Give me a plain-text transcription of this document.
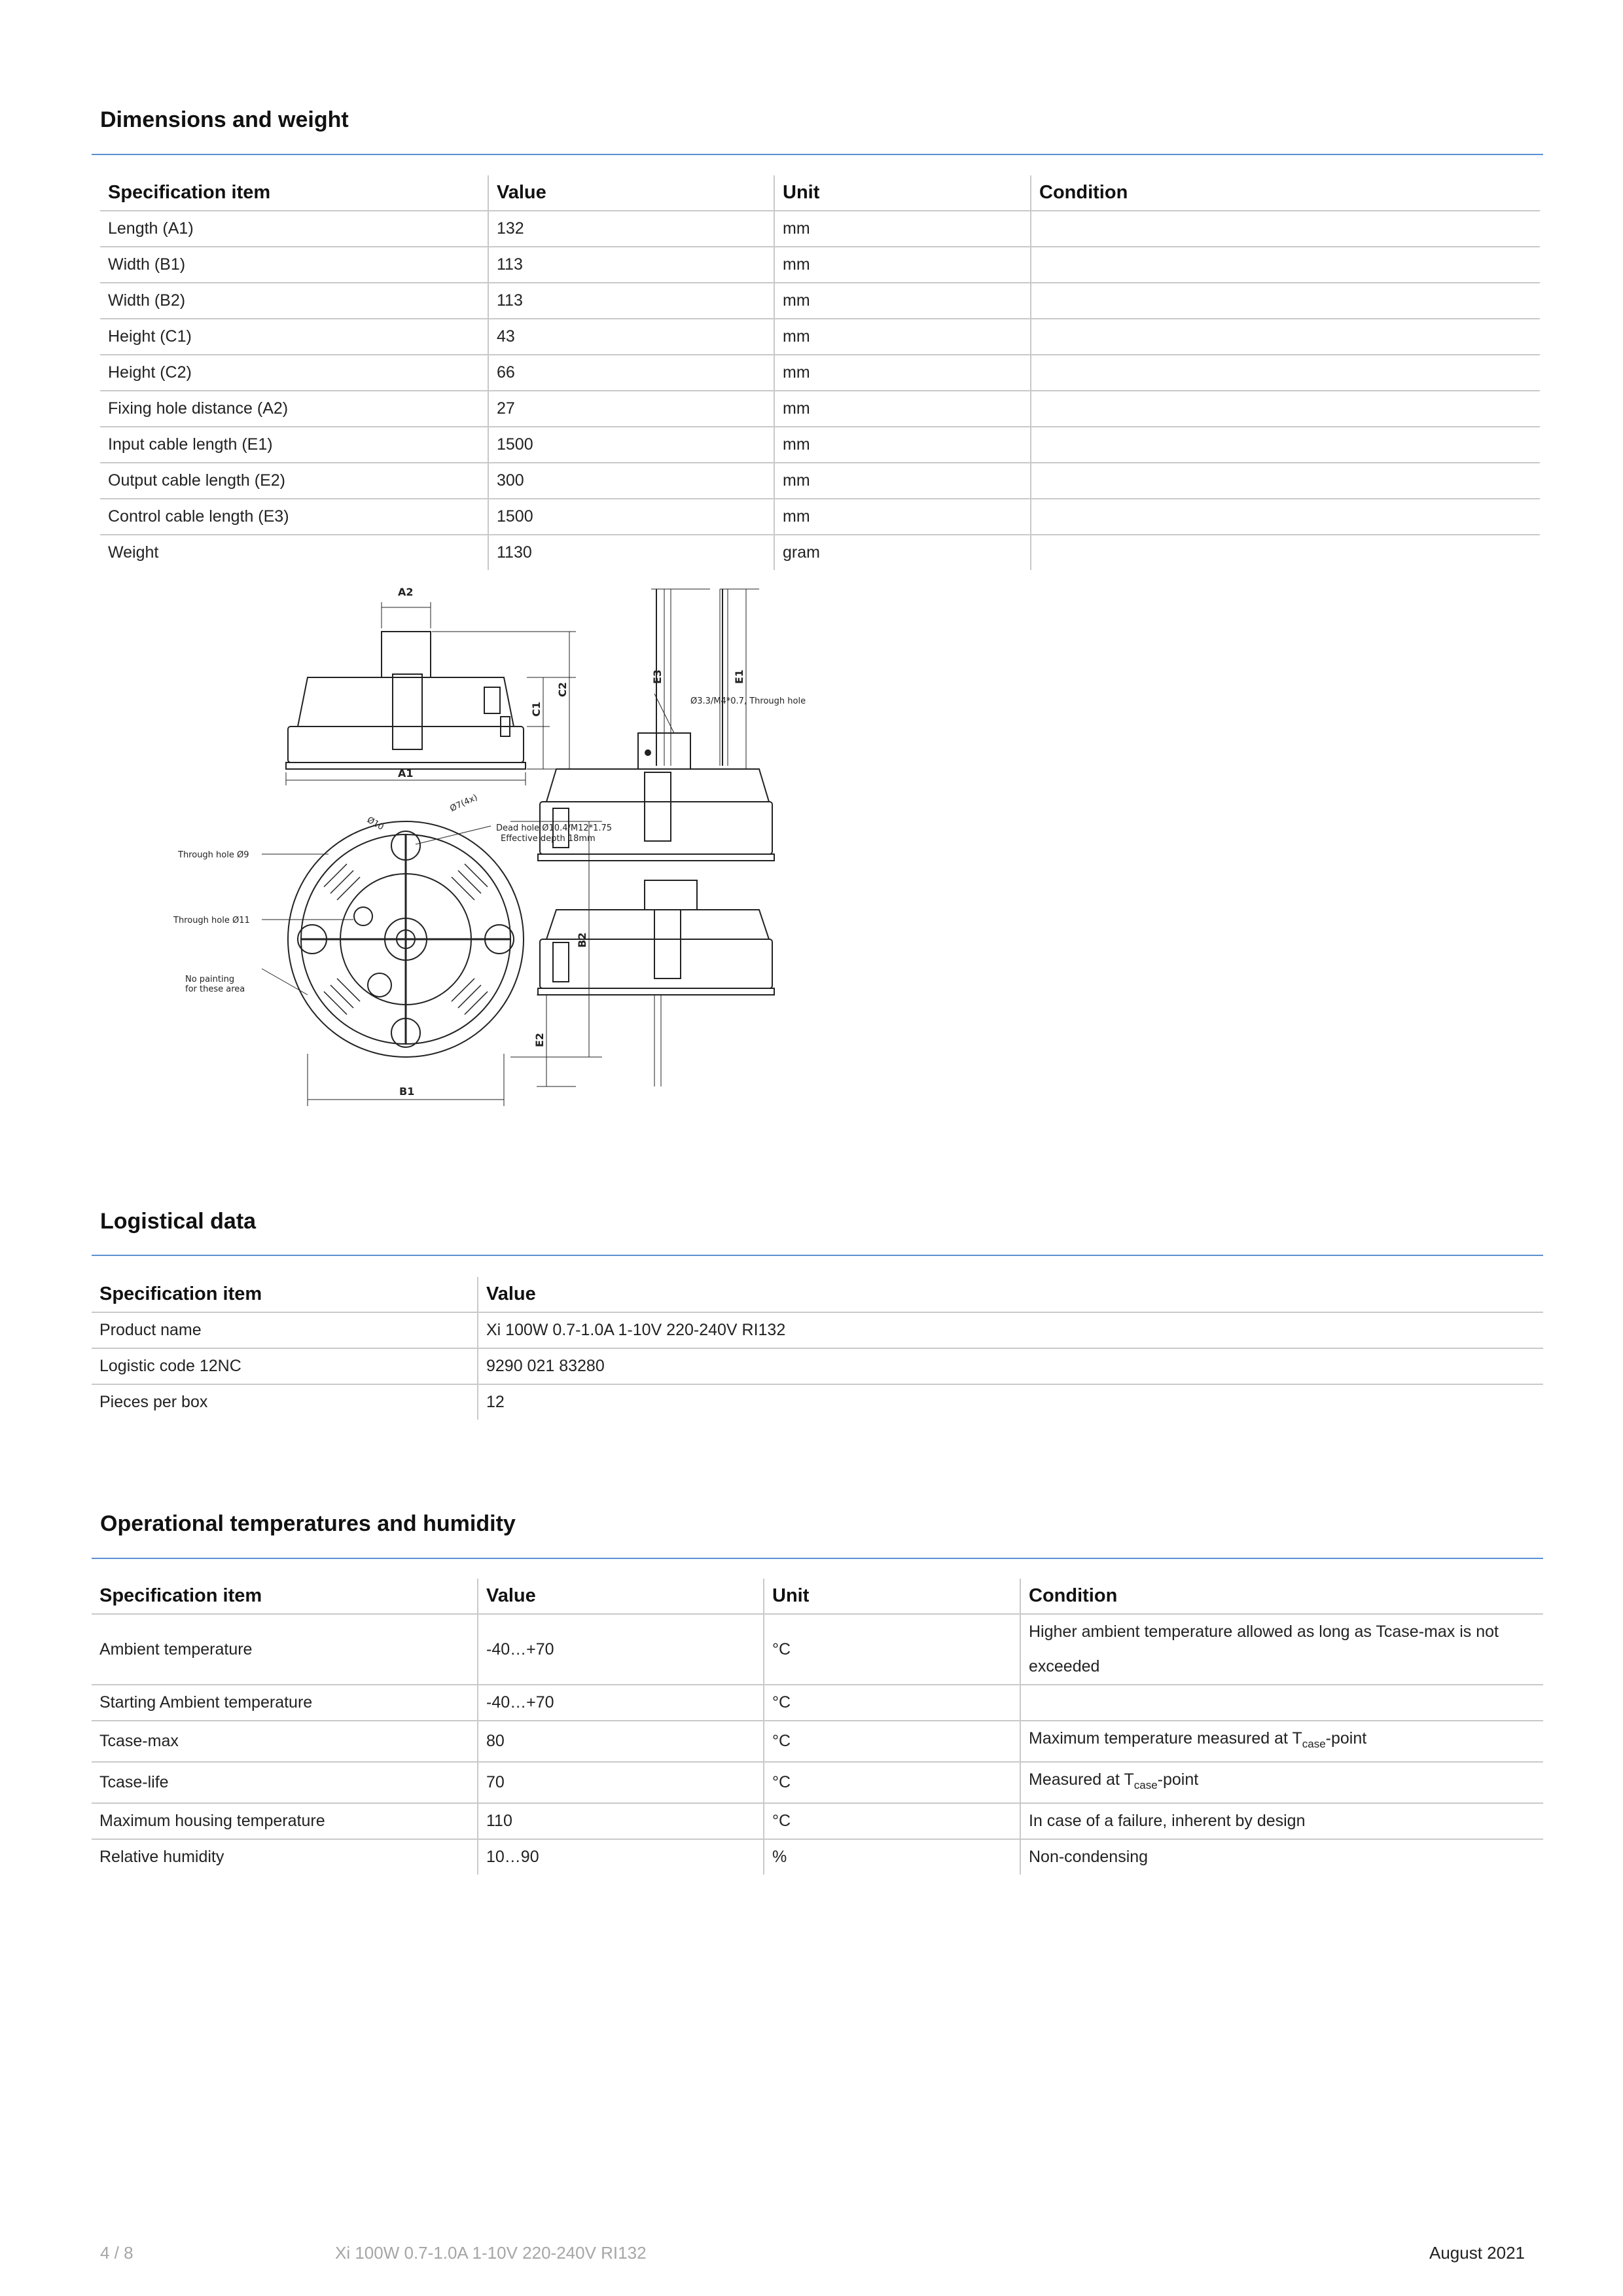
Dimensions and weight
Specification item	Value	Unit	Condition
Length (A1)	132	mm	
Width (B1)	113	mm	
Width (B2)	113	mm	
Height (C1)	43	mm	
Height (C2)	66	mm	
Fixing hole distance (A2)	27	mm	
Input cable length (E1)	1500	mm	
Output cable length (E2)	300	mm	
Control cable length (E3)	1500	mm	
Weight	1130	gram	
A2
A1
B1
B2
C1
C2
E1
E2
E3
Ø10
Ø7(4x)
Dead hole Ø10.4/M12*1.75
Effective depth 18mm
Through hole Ø9
Through hole Ø11
No painting
for these area
Ø3.3/M4*0.7, Through hole
Logistical data
Specification item	Value
Product name	Xi 100W 0.7-1.0A 1-10V 220-240V RI132
Logistic code 12NC	9290 021 83280
Pieces per box	12
Operational temperatures and humidity
Specification item	Value	Unit	Condition
Ambient temperature	-40…+70	°C	Higher ambient temperature allowed as long as Tcase-max is not exceeded
Starting Ambient temperature	-40…+70	°C	
Tcase-max	80	°C	Maximum temperature measured at $T_{case}$-point
Tcase-life	70	°C	Measured at $T_{case}$-point
Maximum housing temperature	110	°C	In case of a failure, inherent by design
Relative humidity	10…90	%	Non-condensing
4 / 8	Xi 100W 0.7-1.0A 1-10V 220-240V RI132	August 2021
